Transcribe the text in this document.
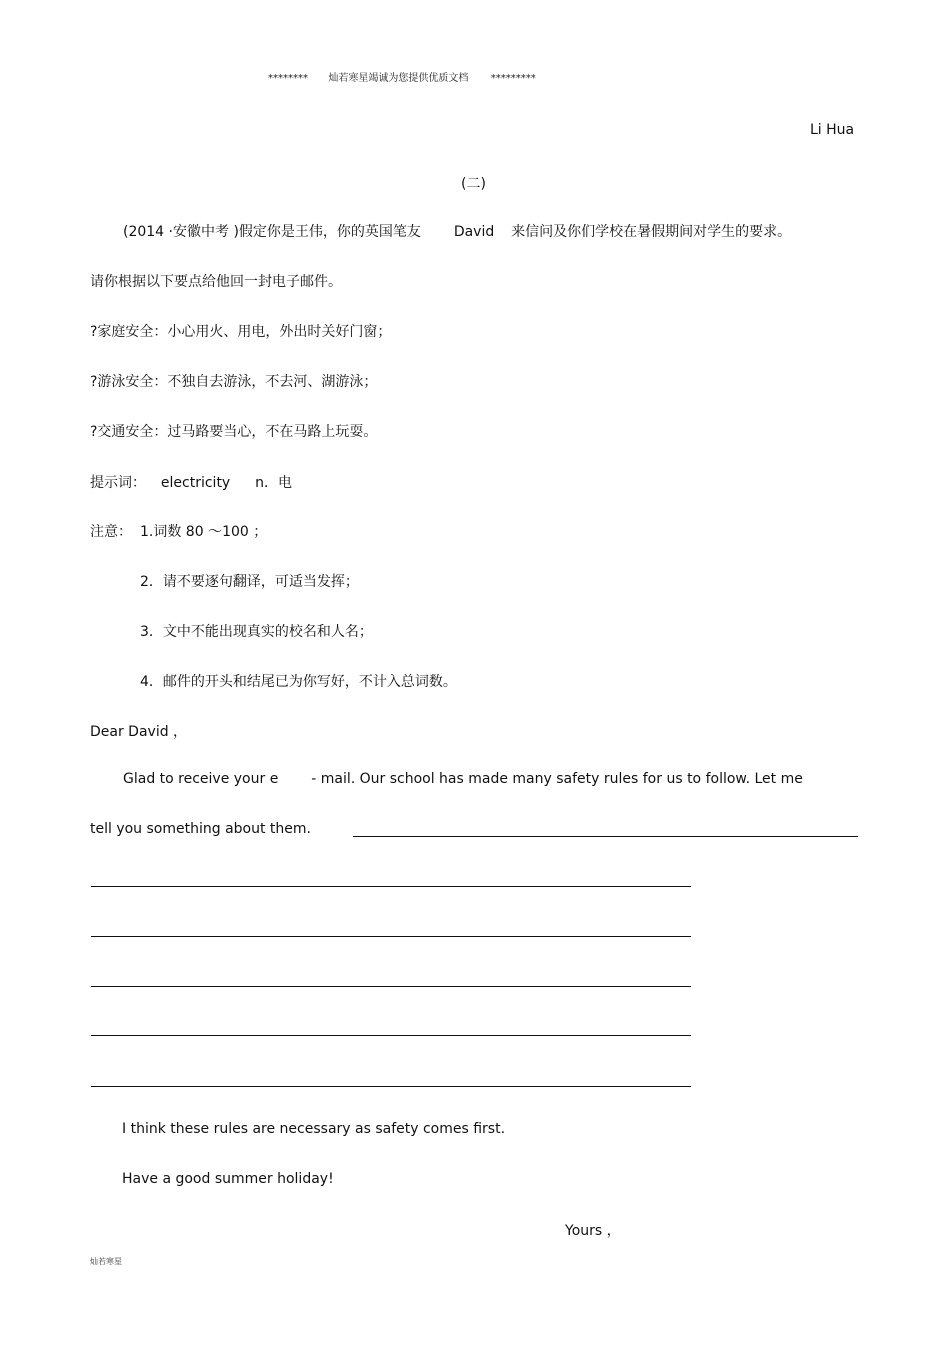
******** 灿若寒星竭诚为您提供优质文档 *********
Li Hua
(二)
(2014 ·安徽中考 )假定你是王伟，你的英国笔友 David 来信问及你们学校在暑假期间对学生的要求。
请你根据以下要点给他回一封电子邮件。
?家庭安全：小心用火、用电，外出时关好门窗；
?游泳安全：不独自去游泳，不去河、湖游泳；
?交通安全：过马路要当心，不在马路上玩耍。
提示词： electricity n．电
注意： 1.词数 80 ～100 ；
2．请不要逐句翻译，可适当发挥；
3．文中不能出现真实的校名和人名；
4．邮件的开头和结尾已为你写好，不计入总词数。
Dear David ，
Glad to receive your e - mail. Our school has made many safety rules for us to follow. Let me
tell you something about them.
I think these rules are necessary as safety comes first.
Have a good summer holiday!
Yours ，
灿若寒星
